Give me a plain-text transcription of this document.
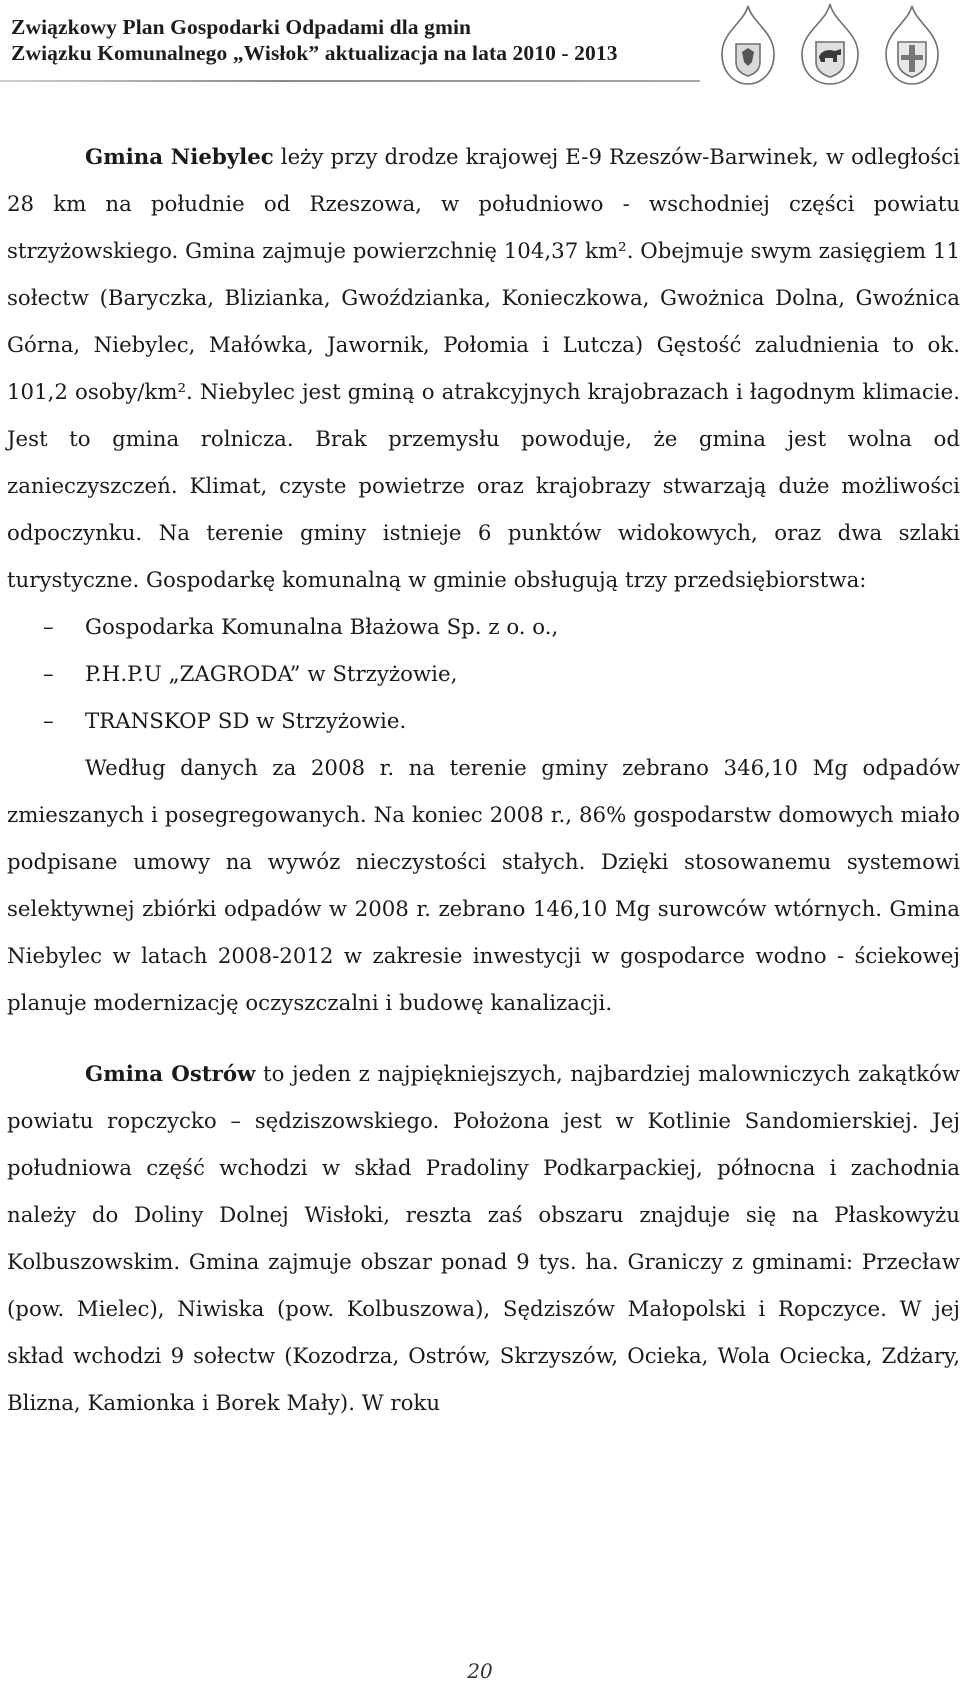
Związkowy Plan Gospodarki Odpadami dla gmin
Związku Komunalnego „Wisłok” aktualizacja na lata 2010 - 2013

Gmina Niebylec leży przy drodze krajowej E-9 Rzeszów-Barwinek, w odległości 28 km na południe od Rzeszowa, w południowo - wschodniej części powiatu strzyżowskiego. Gmina zajmuje powierzchnię 104,37 km². Obejmuje swym zasięgiem 11 sołectw (Baryczka, Blizianka, Gwoździanka, Konieczkowa, Gwożnica Dolna, Gwoźnica Górna, Niebylec, Małówka, Jawornik, Połomia i Lutcza) Gęstość zaludnienia to ok. 101,2 osoby/km². Niebylec jest gminą o atrakcyjnych krajobrazach i łagodnym klimacie. Jest to gmina rolnicza. Brak przemysłu powoduje, że gmina jest wolna od zanieczyszczeń. Klimat, czyste powietrze oraz krajobrazy stwarzają duże możliwości odpoczynku. Na terenie gminy istnieje 6 punktów widokowych, oraz dwa szlaki turystyczne. Gospodarkę komunalną w gminie obsługują trzy przedsiębiorstwa:

– Gospodarka Komunalna Błażowa Sp. z o. o.,
– P.H.P.U „ZAGRODA” w Strzyżowie,
– TRANSKOP SD w Strzyżowie.

Według danych za 2008 r. na terenie gminy zebrano 346,10 Mg odpadów zmieszanych i posegregowanych. Na koniec 2008 r., 86% gospodarstw domowych miało podpisane umowy na wywóz nieczystości stałych. Dzięki stosowanemu systemowi selektywnej zbiórki odpadów w 2008 r. zebrano 146,10 Mg surowców wtórnych. Gmina Niebylec w latach 2008-2012 w zakresie inwestycji w gospodarce wodno - ściekowej planuje modernizację oczyszczalni i budowę kanalizacji.

Gmina Ostrów to jeden z najpiękniejszych, najbardziej malowniczych zakątków powiatu ropczycko – sędziszowskiego. Położona jest w Kotlinie Sandomierskiej. Jej południowa część wchodzi w skład Pradoliny Podkarpackiej, północna i zachodnia należy do Doliny Dolnej Wisłoki, reszta zaś obszaru znajduje się na Płaskowyżu Kolbuszowskim. Gmina zajmuje obszar ponad 9 tys. ha. Graniczy z gminami: Przecław (pow. Mielec), Niwiska (pow. Kolbuszowa), Sędziszów Małopolski i Ropczyce. W jej skład wchodzi 9 sołectw (Kozodrza, Ostrów, Skrzyszów, Ocieka, Wola Ociecka, Zdżary, Blizna, Kamionka i Borek Mały). W roku

20
